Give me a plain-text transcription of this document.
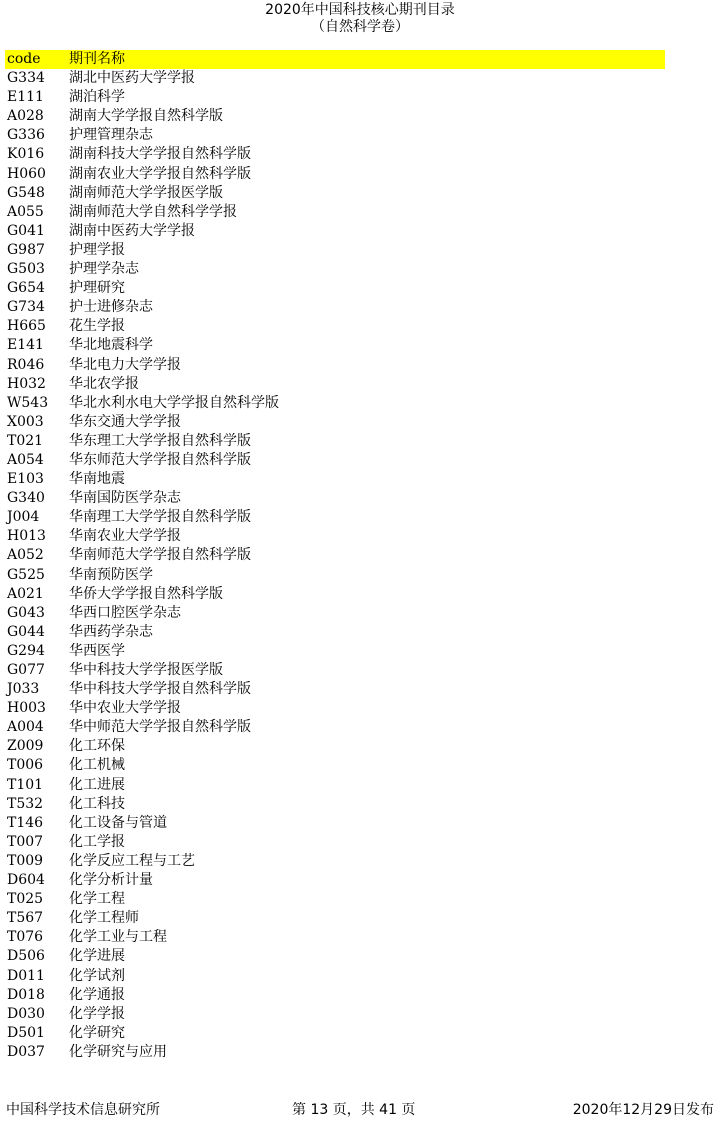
2020年中国科技核心期刊目录
（自然科学卷）
code	期刊名称
G334	湖北中医药大学学报
E111	湖泊科学
A028	湖南大学学报自然科学版
G336	护理管理杂志
K016	湖南科技大学学报自然科学版
H060	湖南农业大学学报自然科学版
G548	湖南师范大学学报医学版
A055	湖南师范大学自然科学学报
G041	湖南中医药大学学报
G987	护理学报
G503	护理学杂志
G654	护理研究
G734	护士进修杂志
H665	花生学报
E141	华北地震科学
R046	华北电力大学学报
H032	华北农学报
W543	华北水利水电大学学报自然科学版
X003	华东交通大学学报
T021	华东理工大学学报自然科学版
A054	华东师范大学学报自然科学版
E103	华南地震
G340	华南国防医学杂志
J004	华南理工大学学报自然科学版
H013	华南农业大学学报
A052	华南师范大学学报自然科学版
G525	华南预防医学
A021	华侨大学学报自然科学版
G043	华西口腔医学杂志
G044	华西药学杂志
G294	华西医学
G077	华中科技大学学报医学版
J033	华中科技大学学报自然科学版
H003	华中农业大学学报
A004	华中师范大学学报自然科学版
Z009	化工环保
T006	化工机械
T101	化工进展
T532	化工科技
T146	化工设备与管道
T007	化工学报
T009	化学反应工程与工艺
D604	化学分析计量
T025	化学工程
T567	化学工程师
T076	化学工业与工程
D506	化学进展
D011	化学试剂
D018	化学通报
D030	化学学报
D501	化学研究
D037	化学研究与应用
中国科学技术信息研究所	第 13 页，共 41 页	2020年12月29日发布
